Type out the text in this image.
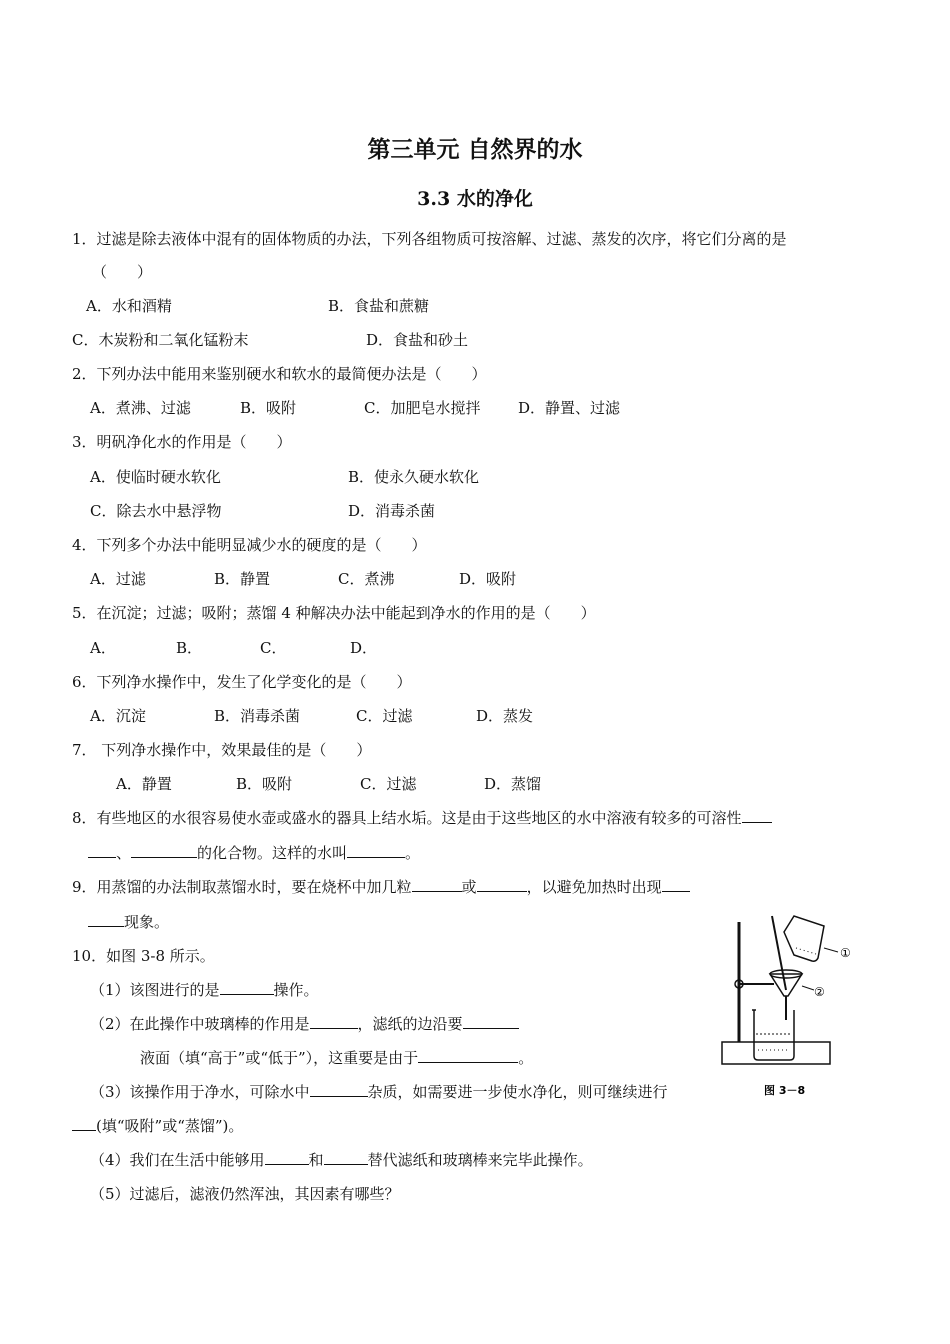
第三单元 自然界的水
3.3 水的净化
1．过滤是除去液体中混有的固体物质的办法，下列各组物质可按溶解、过滤、蒸发的次序，将它们分离的是
（　　）
A．水和酒精	B．食盐和蔗糖
C．木炭粉和二氧化锰粉末	D．食盐和砂土
2．下列办法中能用来鉴别硬水和软水的最简便办法是（　　）
A．煮沸、过滤	B．吸附	C．加肥皂水搅拌	D．静置、过滤
3．明矾净化水的作用是（　　）
A．使临时硬水软化	B．使永久硬水软化
C．除去水中悬浮物	D．消毒杀菌
4．下列多个办法中能明显减少水的硬度的是（　　）
A．过滤	B．静置	C．煮沸	D．吸附
5．在沉淀；过滤；吸附；蒸馏 4 种解决办法中能起到净水的作用的是（　　）
A．	B．	C．	D．
6．下列净水操作中，发生了化学变化的是（　　）
A．沉淀	B．消毒杀菌	C．过滤	D．蒸发
7． 下列净水操作中，效果最佳的是（　　）
A．静置	B．吸附	C．过滤	D．蒸馏
8．有些地区的水很容易使水壶或盛水的器具上结水垢。这是由于这些地区的水中溶液有较多的可溶性
、	的化合物。这样的水叫	。
9．用蒸馏的办法制取蒸馏水时，要在烧杯中加几粒	或	，以避免加热时出现
现象。
10．如图 3-8 所示。
（1）该图进行的是	操作。
（2）在此操作中玻璃棒的作用是	，滤纸的边沿要
液面（填“高于”或“低于”），这重要是由于	。
（3）该操作用于净水，可除水中	杂质，如需要进一步使水净化，则可继续进行
(填“吸附”或“蒸馏”)。
（4）我们在生活中能够用	和	替代滤纸和玻璃棒来完毕此操作。
（5）过滤后，滤液仍然浑浊，其因素有哪些？
①
②
图 3－8
